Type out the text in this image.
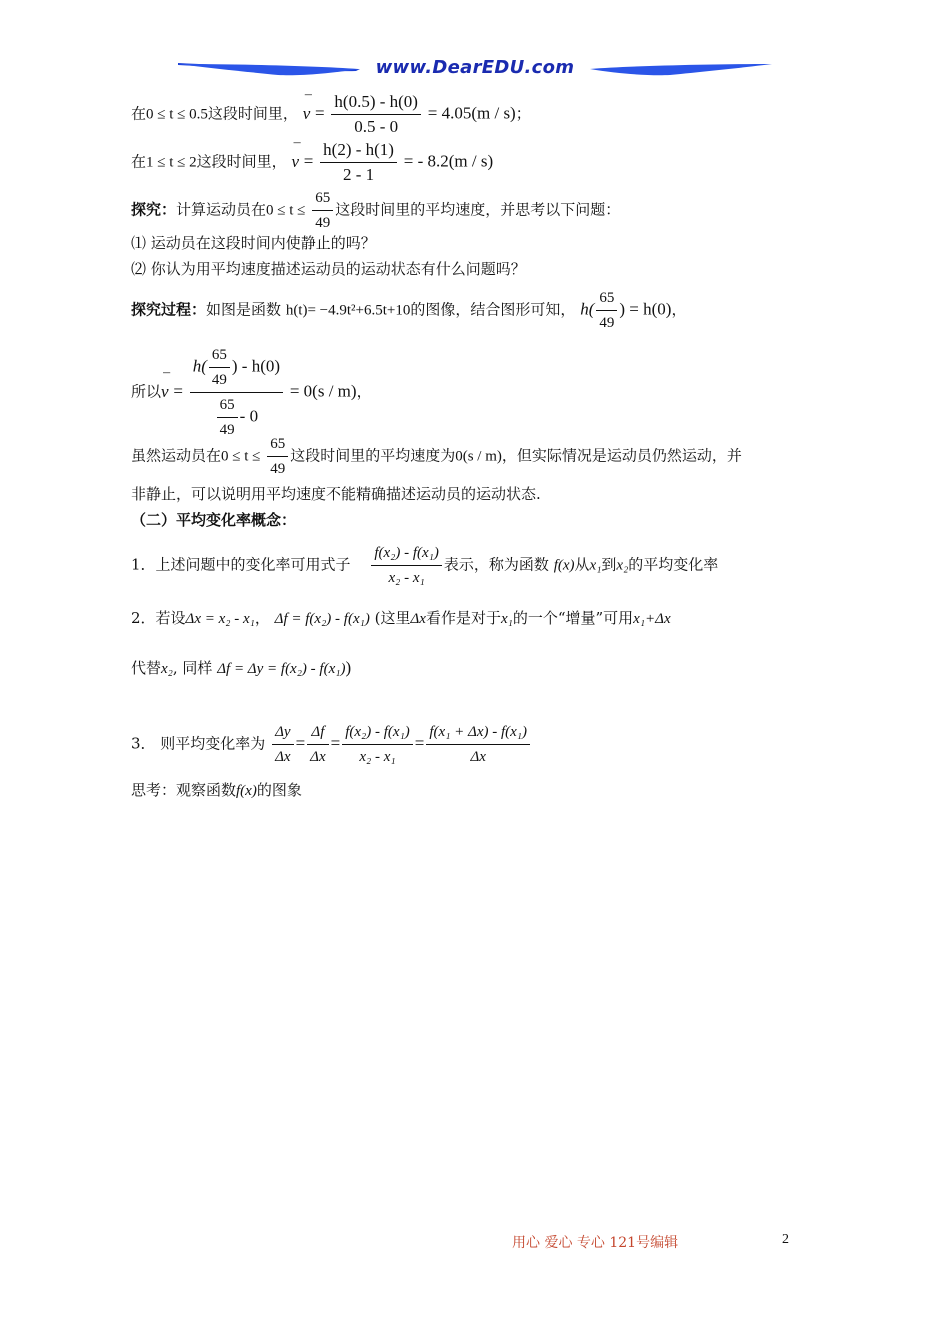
www.DearEDU.com
在0 ≤ t ≤ 0.5这段时间里， ¯ $v = \frac{h(0.5) - h(0)}{0.5 - 0} = 4.05(m / s)$；
在1 ≤ t ≤ 2这段时间里， ¯ $v = \frac{h(2) - h(1)}{2 - 1}$ = - 8.2(m / s)
探究：计算运动员在$0 \le t \le \frac{65}{49}$ 这段时间里的平均速度，并思考以下问题：
⑴ 运动员在这段时间内使静止的吗？
⑵ 你认为用平均速度描述运动员的运动状态有什么问题吗？
探究过程：如图是函数 h(t)= −4.9t²+6.5t+10的图像，结合图形可知， $h( \frac{65}{49}$ ) = h(0)，
所以¯ $v = \frac{h( \frac{65}{49} ) - h(0)}{\frac{65}{49} - 0} = 0(s / m)$，
虽然运动员在$0 \le t \le \frac{65}{49}$ 这段时间里的平均速度为0(s / m)，但实际情况是运动员仍然运动，并
非静止，可以说明用平均速度不能精确描述运动员的运动状态.
（二）平均变化率概念：
1．上述问题中的变化率可用式子 $\frac{\text{f(x₂) - f(x₁)}}{\text{x₂ - x₁}}$ 表示，称为函数 f(x)从x₁到x₂的平均变化率
2．若设Δx = x₂ - x₁， Δf = f(x₂) - f(x₁) (这里Δx看作是对于x₁的一个“增量”可用x₁+Δx
代替x₂, 同样 Δf = Δy = f(x₂) - f(x₁))
3． 则平均变化率为 $\frac{\Delta y}{\Delta x} = \frac{\Delta f}{\Delta x} = \frac{\text{f(x₂) - f(x₁)}}{\text{x₂ - x₁}} = \frac{\text{f(x₁ + Δx) - f(x₁)}}{\Delta x}$
思考：观察函数f(x)的图象
用心 爱心 专心 121号编辑	2
